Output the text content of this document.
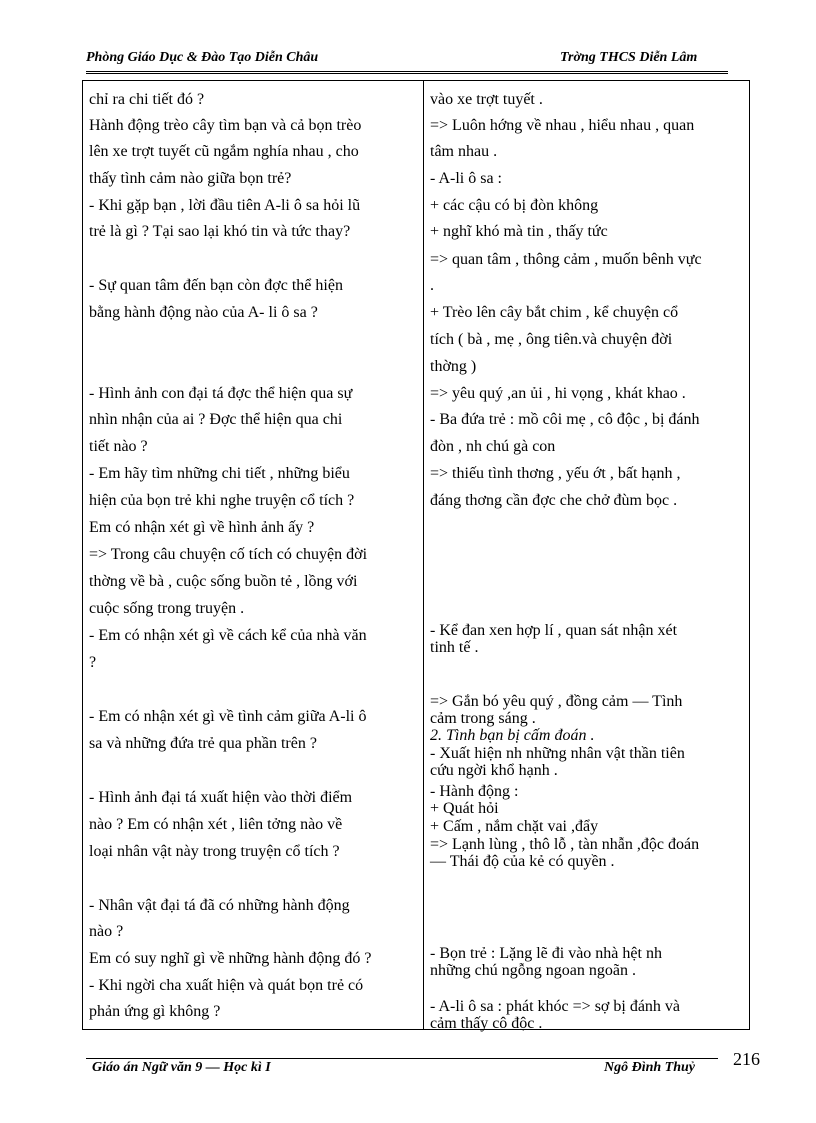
Phòng Giáo Dục & Đào Tạo Diễn Châu	Trờng THCS Diễn Lâm
chỉ ra chi tiết đó ?
Hành động trèo cây tìm bạn và cả bọn trèo
lên xe trợt tuyết cũ ngắm nghía nhau , cho
thấy tình cảm nào giữa bọn trẻ?
- Khi gặp bạn , lời đầu tiên A-li ô sa hỏi lũ
trẻ là gì ? Tại sao lại khó tin và tức thay?
- Sự quan tâm đến bạn còn đợc thể hiện
bằng hành động nào của A- li ô sa ?
- Hình ảnh con đại tá đợc thể hiện qua sự
nhìn nhận của ai ? Đợc thể hiện qua chi
tiết nào ?
- Em hãy tìm những chi tiết , những biểu
hiện của bọn trẻ khi nghe truyện cổ tích ?
Em có nhận xét gì về hình ảnh ấy ?
=> Trong câu chuyện cố tích có chuyện đời
thờng về bà , cuộc sống buồn tẻ , lồng với
cuộc sống trong truyện .
- Em có nhận xét gì về cách kể của nhà văn
?
- Em có nhận xét gì về tình cảm giữa A-li ô
sa và những đứa trẻ qua phần trên ?
- Hình ảnh đại tá xuất hiện vào thời điểm
nào ? Em có nhận xét , liên tởng nào về
loại nhân vật này trong truyện cổ tích ?
- Nhân vật đại tá đã có những hành động
nào ?
Em có suy nghĩ gì về những hành động đó ?
- Khi ngời cha xuất hiện và quát bọn trẻ có
phản ứng gì không ?
vào xe trợt tuyết .
=> Luôn hớng về nhau , hiểu nhau , quan
tâm nhau .
- A-li ô sa :
+ các cậu có bị đòn không
+ nghĩ khó mà tin , thấy tức
=> quan tâm , thông cảm , muốn bênh vực
.
+ Trèo lên cây bắt chim , kể chuyện cổ
tích ( bà , mẹ , ông tiên.và chuyện đời
thờng )
=> yêu quý ,an ủi , hi vọng , khát khao .
- Ba đứa trẻ : mồ côi mẹ , cô độc , bị đánh
đòn , nh chú gà con
=> thiếu tình thơng , yếu ớt , bất hạnh ,
đáng thơng cần đợc che chở đùm bọc .
- Kể đan xen hợp lí , quan sát nhận xét
tinh tế .
=> Gắn bó yêu quý , đồng cảm — Tình
cảm trong sáng .
2. Tình bạn bị cấm đoán .
- Xuất hiện nh những nhân vật thần tiên
cứu ngời khổ hạnh .
- Hành động :
+ Quát hỏi
+ Cấm , nắm chặt vai ,đẩy
=> Lạnh lùng , thô lỗ , tàn nhẫn ,độc đoán
— Thái độ của kẻ có quyền .
- Bọn trẻ : Lặng lẽ đi vào nhà hệt nh
những chú ngỗng ngoan ngoãn .
- A-li ô sa : phát khóc => sợ bị đánh và
cảm thấy cô độc .
Giáo án Ngữ văn 9 — Học kì I	Ngô Đình Thuỷ 216
